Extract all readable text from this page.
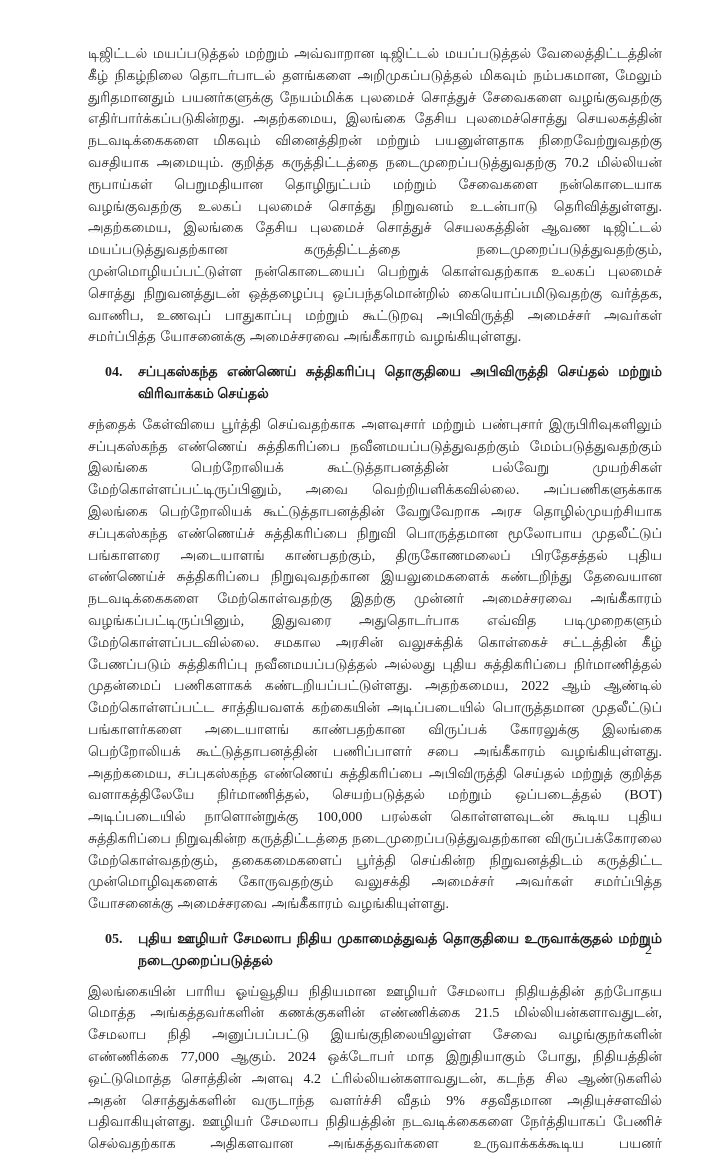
டிஜிட்டல் மயப்படுத்தல் மற்றும் அவ்வாறான டிஜிட்டல் மயப்படுத்தல் வேலைத்திட்டத்தின் கீழ் நிகழ்நிலை தொடர்பாடல் தளங்களை அறிமுகப்படுத்தல் மிகவும் நம்பகமான, மேலும் துரிதமானதும் பயனர்களுக்கு நேயம்மிக்க புலமைச் சொத்துச் சேவைகளை வழங்குவதற்கு எதிர்பார்க்கப்படுகின்றது. அதற்கமைய, இலங்கை தேசிய புலமைச்சொத்து செயலகத்தின் நடவடிக்கைகளை மிகவும் வினைத்திறன் மற்றும் பயனுள்ளதாக நிறைவேற்றுவதற்கு வசதியாக அமையும். குறித்த கருத்திட்டத்தை நடைமுறைப்படுத்துவதற்கு 70.2 மில்லியன் ரூபாய்கள் பெறுமதியான தொழிநுட்பம் மற்றும் சேவைகளை நன்கொடையாக வழங்குவதற்கு உலகப் புலமைச் சொத்து நிறுவனம் உடன்பாடு தெரிவித்துள்ளது. அதற்கமைய, இலங்கை தேசிய புலமைச் சொத்துச் செயலகத்தின் ஆவண டிஜிட்டல் மயப்படுத்துவதற்கான கருத்திட்டத்தை நடைமுறைப்படுத்துவதற்கும், முன்மொழியப்பட்டுள்ள நன்கொடையைப் பெற்றுக் கொள்வதற்காக உலகப் புலமைச் சொத்து நிறுவனத்துடன் ஒத்தழைப்பு ஒப்பந்தமொன்றில் கையொப்பமிடுவதற்கு வர்த்தக, வாணிப, உணவுப் பாதுகாப்பு மற்றும் கூட்டுறவு அபிவிருத்தி அமைச்சர் அவர்கள் சமர்ப்பித்த யோசனைக்கு அமைச்சரவை அங்கீகாரம் வழங்கியுள்ளது.

04.	சப்புகஸ்கந்த எண்ணெய் சுத்திகரிப்பு தொகுதியை அபிவிருத்தி செய்தல் மற்றும் விரிவாக்கம் செய்தல்

சந்தைக் கேள்வியை பூர்த்தி செய்வதற்காக அளவுசார் மற்றும் பண்புசார் இருபிரிவுகளிலும் சப்புகஸ்கந்த எண்ணெய் சுத்திகரிப்பை நவீனமயப்படுத்துவதற்கும் மேம்படுத்துவதற்கும் இலங்கை பெற்றோலியக் கூட்டுத்தாபனத்தின் பல்வேறு முயற்சிகள் மேற்கொள்ளப்பட்டிருப்பினும், அவை வெற்றியளிக்கவில்லை. அப்பணிகளுக்காக இலங்கை பெற்றோலியக் கூட்டுத்தாபனத்தின் வேறுவேறாக அரச தொழில்முயற்சியாக சப்புகஸ்கந்த எண்ணெய்ச் சுத்திகரிப்பை நிறுவி பொருத்தமான மூலோபாய முதலீட்டுப் பங்காளரை அடையாளங் காண்பதற்கும், திருகோணமலைப் பிரதேசத்தல் புதிய எண்ணெய்ச் சுத்திகரிப்பை நிறுவுவதற்கான இயலுமைகளைக் கண்டறிந்து தேவையான நடவடிக்கைகளை மேற்கொள்வதற்கு இதற்கு முன்னர் அமைச்சரவை அங்கீகாரம் வழங்கப்பட்டிருப்பினும், இதுவரை அதுதொடர்பாக எவ்வித படிமுறைகளும் மேற்கொள்ளப்படவில்லை. சமகால அரசின் வலுசக்திக் கொள்கைச் சட்டத்தின் கீழ் பேணப்படும் சுத்திகரிப்பு நவீனமயப்படுத்தல் அல்லது புதிய சுத்திகரிப்பை நிர்மாணித்தல் முதன்மைப் பணிகளாகக் கண்டறியப்பட்டுள்ளது. அதற்கமைய, 2022 ஆம் ஆண்டில் மேற்கொள்ளப்பட்ட சாத்தியவளக் கற்கையின் அடிப்படையில் பொருத்தமான முதலீட்டுப் பங்காளர்களை அடையாளங் காண்பதற்கான விருப்பக் கோரலுக்கு இலங்கை பெற்றோலியக் கூட்டுத்தாபனத்தின் பணிப்பாளர் சபை அங்கீகாரம் வழங்கியுள்ளது. அதற்கமைய, சப்புகஸ்கந்த எண்ணெய் சுத்திகரிப்பை அபிவிருத்தி செய்தல் மற்றுத் குறித்த வளாகத்திலேயே நிர்மாணித்தல், செயற்படுத்தல் மற்றும் ஒப்படைத்தல் (BOT) அடிப்படையில் நாளொன்றுக்கு 100,000 பரல்கள் கொள்ளளவுடன் கூடிய புதிய சுத்திகரிப்பை நிறுவுகின்ற கருத்திட்டத்தை நடைமுறைப்படுத்துவதற்கான விருப்பக்கோரலை மேற்கொள்வதற்கும், தகைகமைகளைப் பூர்த்தி செய்கின்ற நிறுவனத்திடம் கருத்திட்ட முன்மொழிவுகளைக் கோருவதற்கும் வலுசக்தி அமைச்சர் அவர்கள் சமர்ப்பித்த யோசனைக்கு அமைச்சரவை அங்கீகாரம் வழங்கியுள்ளது.

05.	புதிய ஊழியர் சேமலாப நிதிய முகாமைத்துவத் தொகுதியை உருவாக்குதல் மற்றும் நடைமுறைப்படுத்தல்

இலங்கையின் பாரிய ஓய்வூதிய நிதியமான ஊழியர் சேமலாப நிதியத்தின் தற்போதய மொத்த அங்கத்தவர்களின் கணக்குகளின் எண்ணிக்கை 21.5 மில்லியன்களாவதுடன், சேமலாப நிதி அனுப்பப்பட்டு இயங்குநிலையிலுள்ள சேவை வழங்குநர்களின் எண்ணிக்கை 77,000 ஆகும். 2024 ஒக்டோபர் மாத இறுதியாகும் போது, நிதியத்தின் ஒட்டுமொத்த சொத்தின் அளவு 4.2 ட்ரில்லியன்களாவதுடன், கடந்த சில ஆண்டுகளில் அதன் சொத்துக்களின் வருடாந்த வளர்ச்சி வீதம் 9% சதவீதமான அதியுச்சளவில் பதிவாகியுள்ளது. ஊழியர் சேமலாப நிதியத்தின் நடவடிக்கைகளை நேர்த்தியாகப் பேணிச் செல்வதற்காக அதிகளவான அங்கத்தவர்களை உருவாக்கக்கூடிய பயனர்

2
